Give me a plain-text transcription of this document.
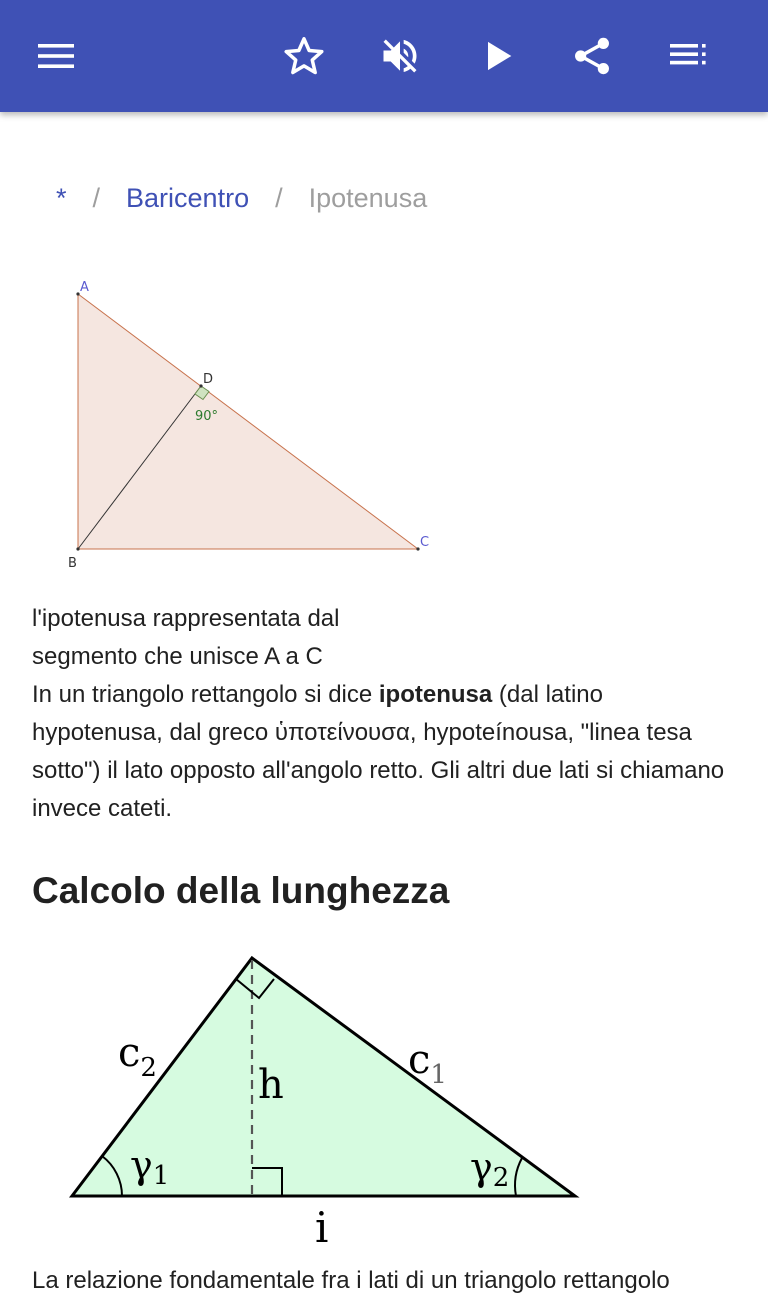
* / Baricentro / Ipotenusa
A
B
C
D
90°
l'ipotenusa rappresentata dal
segmento che unisce A a C
In un triangolo rettangolo si dice ipotenusa (dal latino hypotenusa, dal greco ὑποτείνουσα, hypoteínousa, "linea tesa sotto") il lato opposto all'angolo retto. Gli altri due lati si chiamano invece cateti.
Calcolo della lunghezza
$c_2$	$c_1$
h
γ1	γ2
i
La relazione fondamentale fra i lati di un triangolo rettangolo
